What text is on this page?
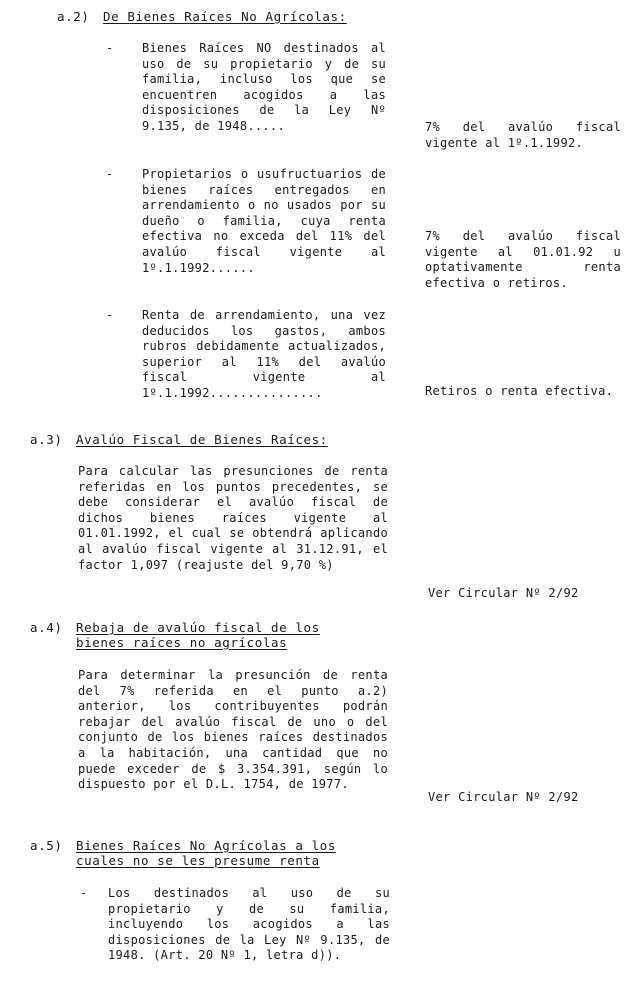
a.2) De Bienes Raíces No Agrícolas:
- Bienes Raíces NO destinados al uso de su propietario y de su familia, incluso los que se encuentren acogidos a las disposiciones de la Ley Nº 9.135, de 1948.....	7% del avalúo fiscal vigente al 1º.1.1992.
- Propietarios o usufructuarios de bienes raíces entregados en arrendamiento o no usados por su dueño o familia, cuya renta efectiva no exceda del 11% del avalúo fiscal vigente al 1º.1.1992......
7% del avalúo fiscal vigente al 01.01.92 u optativamente renta efectiva o retiros.
- Renta de arrendamiento, una vez deducidos los gastos, ambos rubros debidamente actualizados, superior al 11% del avalúo fiscal vigente al 1º.1.1992...............	Retiros o renta efectiva.
a.3) Avalúo Fiscal de Bienes Raíces:
Para calcular las presunciones de renta referidas en los puntos precedentes, se debe considerar el avalúo fiscal de dichos bienes raíces vigente al 01.01.1992, el cual se obtendrá aplicando al avalúo fiscal vigente al 31.12.91, el factor 1,097 (reajuste del 9,70 %)
Ver Circular Nº 2/92
a.4) Rebaja de avalúo fiscal de los
bienes raíces no agrícolas
Para determinar la presunción de renta del 7% referida en el punto a.2) anterior, los contribuyentes podrán rebajar del avalúo fiscal de uno o del conjunto de los bienes raíces destinados a la habitación, una cantidad que no puede exceder de $ 3.354.391, según lo dispuesto por el D.L. 1754, de 1977.
Ver Circular Nº 2/92
a.5) Bienes Raíces No Agrícolas a los
cuales no se les presume renta
- Los destinados al uso de su propietario y de su familia, incluyendo los acogidos a las disposiciones de la Ley Nº 9.135, de 1948. (Art. 20 Nº 1, letra d)).
